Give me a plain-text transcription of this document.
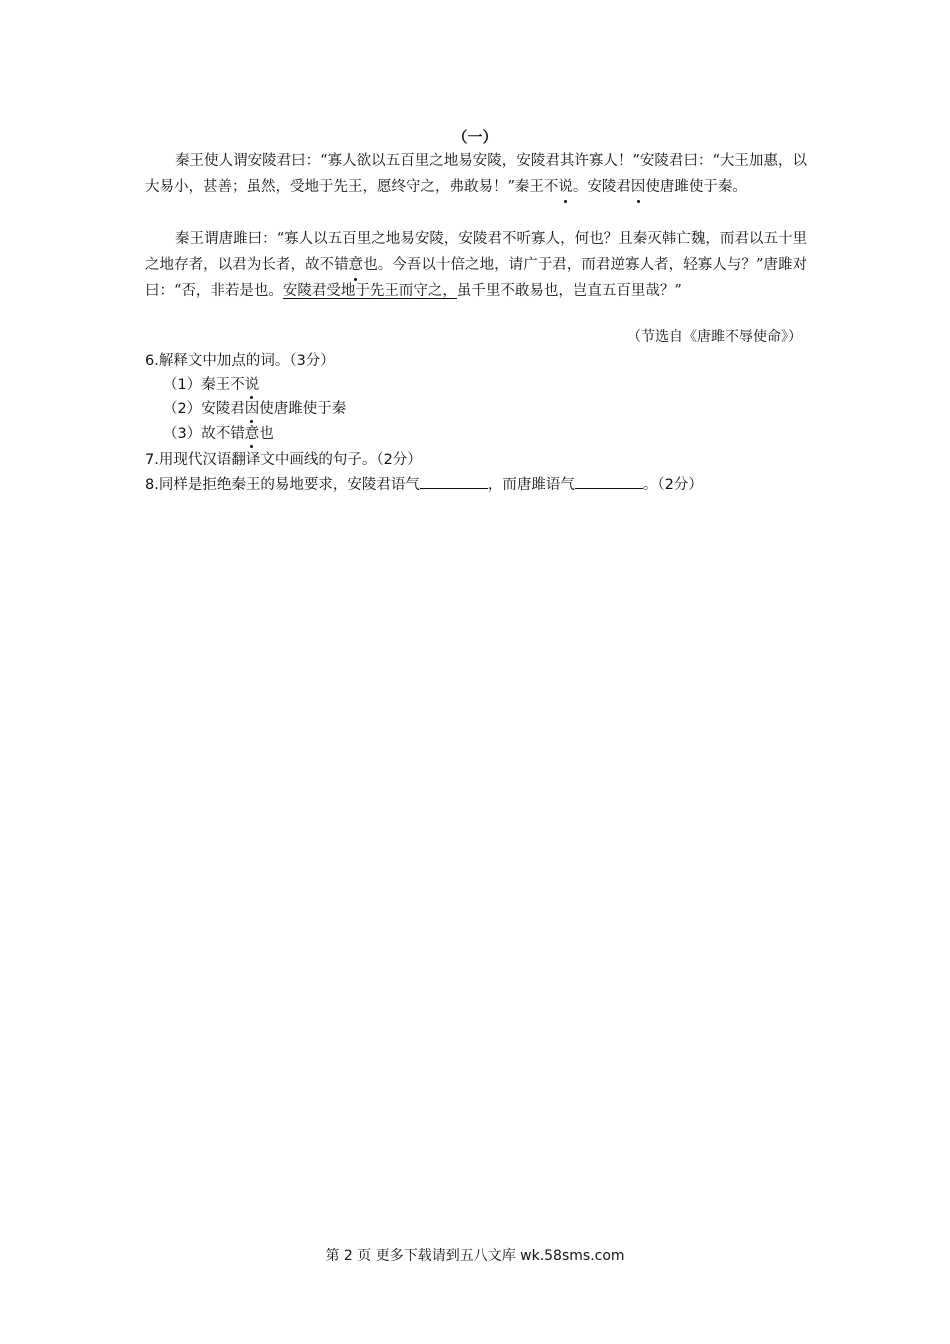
（一）
秦王使人谓安陵君曰：“寡人欲以五百里之地易安陵，安陵君其许寡人！”安陵君曰：“大王加惠，以大易小，甚善；虽然，受地于先王，愿终守之，弗敢易！”秦王不说。安陵君因使唐雎使于秦。
秦王谓唐雎曰：“寡人以五百里之地易安陵，安陵君不听寡人，何也？且秦灭韩亡魏，而君以五十里之地存者，以君为长者，故不错意也。今吾以十倍之地，请广于君，而君逆寡人者，轻寡人与？”唐雎对曰：“否，非若是也。安陵君受地于先王而守之，虽千里不敢易也，岂直五百里哉？”
（节选自《唐雎不辱使命》）
6.解释文中加点的词。（3分）
（1）秦王不说
（2）安陵君因使唐雎使于秦
（3）故不错意也
7.用现代汉语翻译文中画线的句子。（2分）
8.同样是拒绝秦王的易地要求，安陵君语气	，而唐雎语气	。（2分）
第 2 页 更多下载请到五八文库 wk.58sms.com
